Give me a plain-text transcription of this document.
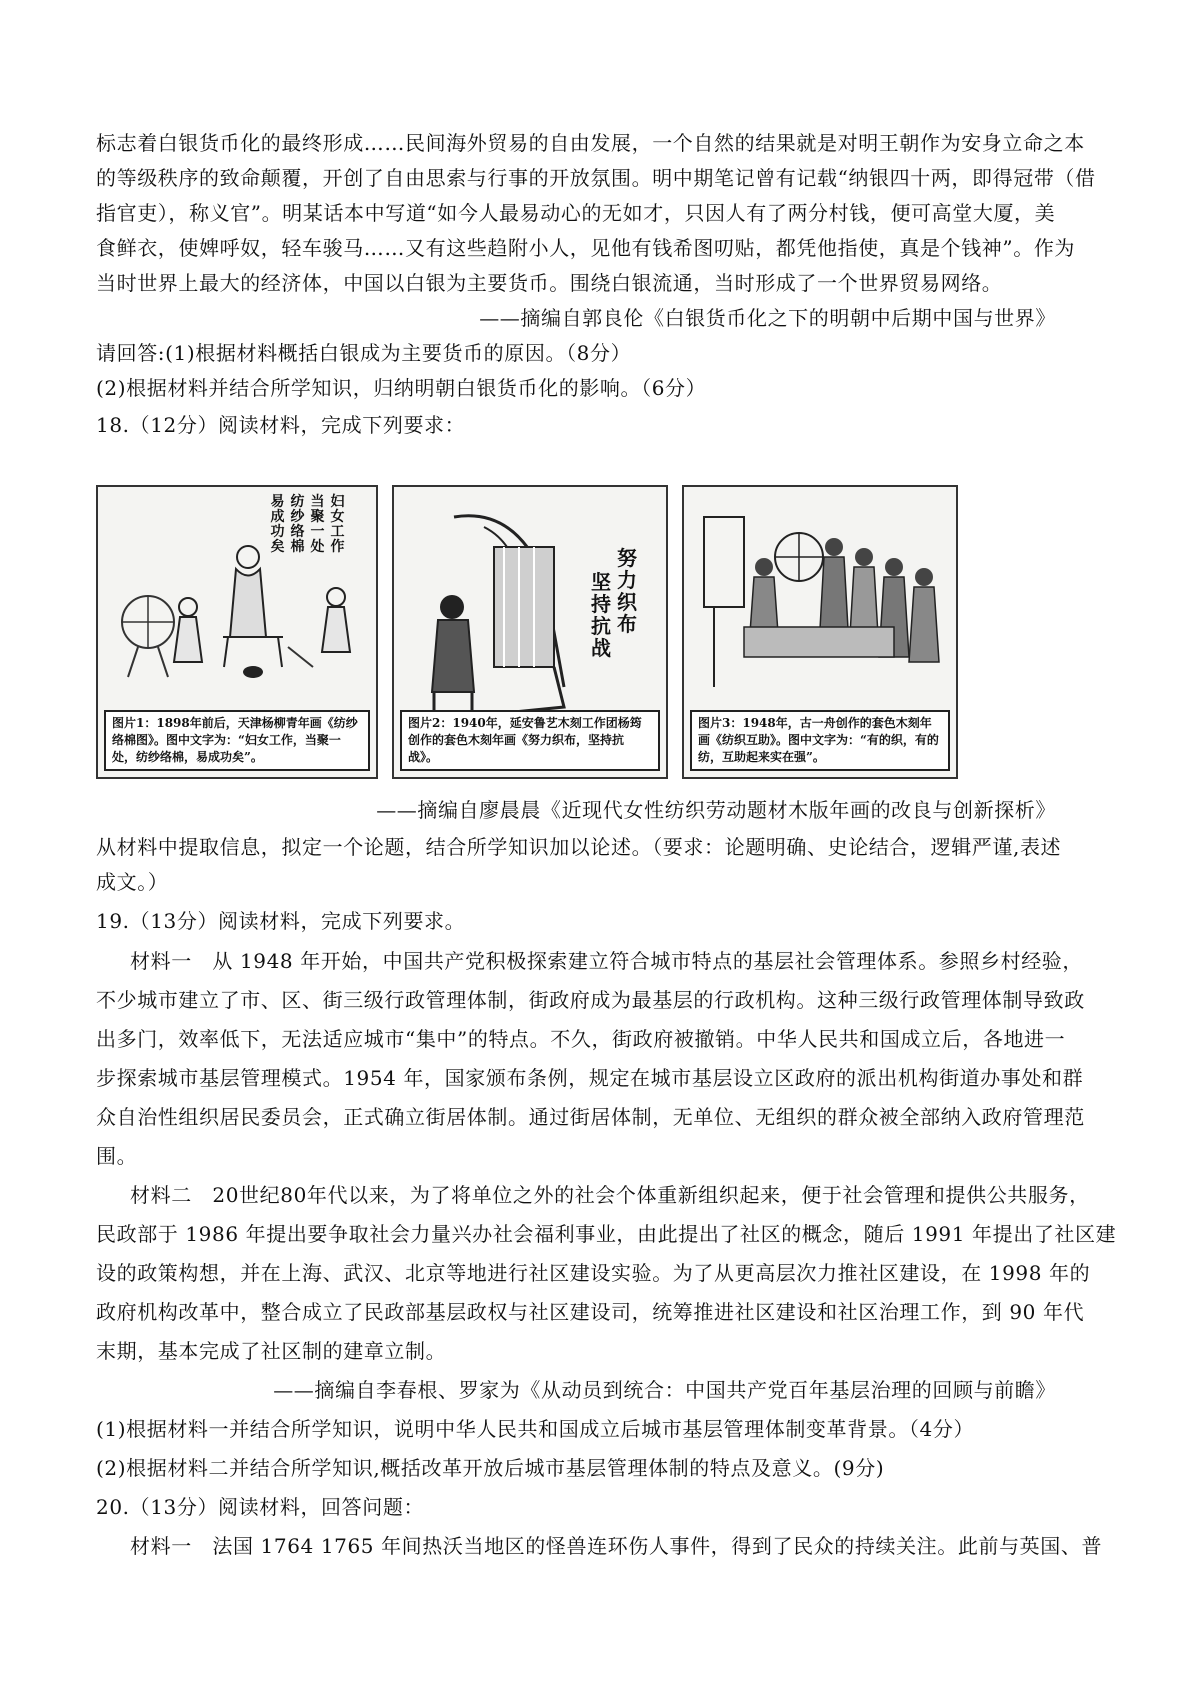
标志着白银货币化的最终形成……民间海外贸易的自由发展，一个自然的结果就是对明王朝作为安身立命之本
的等级秩序的致命颠覆，开创了自由思索与行事的开放氛围。明中期笔记曾有记载“纳银四十两，即得冠带（借
指官吏），称义官”。明某话本中写道“如今人最易动心的无如才，只因人有了两分村钱，便可高堂大厦，美
食鲜衣，使婢呼奴，轻车骏马……又有这些趋附小人，见他有钱希图叨贴，都凭他指使，真是个钱神”。作为
当时世界上最大的经济体，中国以白银为主要货币。围绕白银流通，当时形成了一个世界贸易网络。
——摘编自郭良伦《白银货币化之下的明朝中后期中国与世界》
请回答:(1)根据材料概括白银成为主要货币的原因。（8分）
(2)根据材料并结合所学知识，归纳明朝白银货币化的影响。（6分）
18.（12分）阅读材料，完成下列要求：
妇女工作
当聚一处
纺纱络棉
易成功矣
图片1：1898年前后，天津杨柳青年画《纺纱络棉图》。图中文字为：“妇女工作，当聚一处，纺纱络棉，易成功矣”。
努力织布
坚持抗战
图片2：1940年，延安鲁艺木刻工作团杨筠创作的套色木刻年画《努力织布，坚持抗战》。
图片3：1948年，古一舟创作的套色木刻年画《纺织互助》。图中文字为：“有的织，有的纺，互助起来实在强”。
——摘编自廖晨晨《近现代女性纺织劳动题材木版年画的改良与创新探析》
从材料中提取信息，拟定一个论题，结合所学知识加以论述。（要求：论题明确、史论结合，逻辑严谨,表述
成文。）
19.（13分）阅读材料，完成下列要求。
材料一　从 1948 年开始，中国共产党积极探索建立符合城市特点的基层社会管理体系。参照乡村经验，
不少城市建立了市、区、街三级行政管理体制，街政府成为最基层的行政机构。这种三级行政管理体制导致政
出多门，效率低下，无法适应城市“集中”的特点。不久，街政府被撤销。中华人民共和国成立后，各地进一
步探索城市基层管理模式。1954 年，国家颁布条例，规定在城市基层设立区政府的派出机构街道办事处和群
众自治性组织居民委员会，正式确立街居体制。通过街居体制，无单位、无组织的群众被全部纳入政府管理范
围。
材料二　20世纪80年代以来，为了将单位之外的社会个体重新组织起来，便于社会管理和提供公共服务，
民政部于 1986 年提出要争取社会力量兴办社会福利事业，由此提出了社区的概念，随后 1991 年提出了社区建
设的政策构想，并在上海、武汉、北京等地进行社区建设实验。为了从更高层次力推社区建设，在 1998 年的
政府机构改革中，整合成立了民政部基层政权与社区建设司，统筹推进社区建设和社区治理工作，到 90 年代
末期，基本完成了社区制的建章立制。
——摘编自李春根、罗家为《从动员到统合：中国共产党百年基层治理的回顾与前瞻》
(1)根据材料一并结合所学知识，说明中华人民共和国成立后城市基层管理体制变革背景。（4分）
(2)根据材料二并结合所学知识,概括改革开放后城市基层管理体制的特点及意义。(9分)
20.（13分）阅读材料，回答问题：
材料一　法国 1764 1765 年间热沃当地区的怪兽连环伤人事件，得到了民众的持续关注。此前与英国、普
